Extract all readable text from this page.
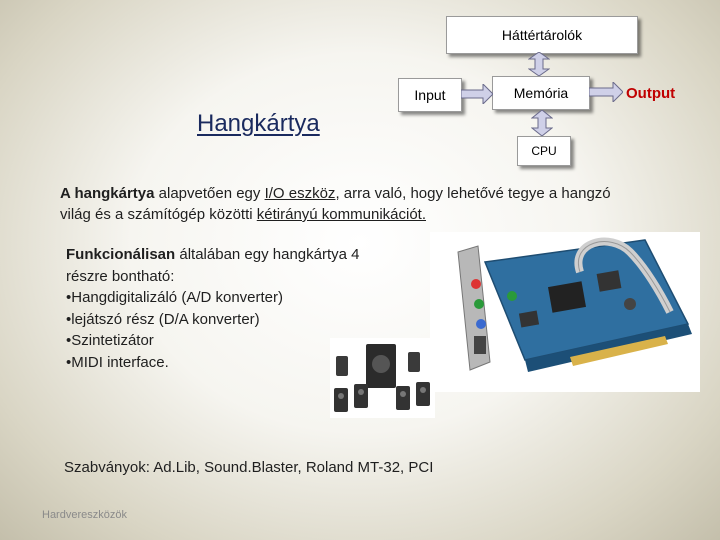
Háttértárolók
Input	Memória
CPU
Output
Hangkártya
A hangkártya alapvetően egy I/O eszköz, arra való, hogy lehetővé tegye a hangzó világ és a számítógép közötti kétirányú kommunikációt.
Funkcionálisan általában egy hangkártya 4 részre bontható:
•Hangdigitalizáló (A/D konverter)
•lejátszó rész (D/A konverter)
•Szintetizátor
•MIDI interface.
Szabványok: Ad.Lib, Sound.Blaster, Roland MT-32, PCI
Hardvereszközök
